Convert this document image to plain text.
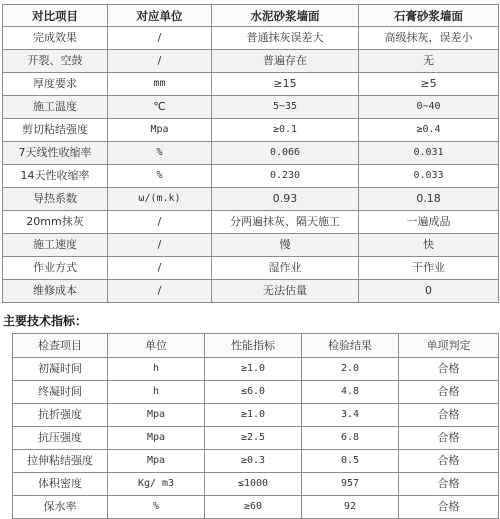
对比项目	对应单位	水泥砂浆墙面	石膏砂浆墙面
完成效果	/	普通抹灰误差大	高级抹灰，误差小
开裂、空鼓	/	普遍存在	无
厚度要求	mm	≥15	≥5
施工温度	℃	5~35	0~40
剪切粘结强度	Mpa	≥0.1	≥0.4
7天线性收缩率	%	0.066	0.031
14天性收缩率	%	0.230	0.033
导热系数	ω/(m.k)	0.93	0.18
20mm抹灰	/	分两遍抹灰、隔天施工	一遍成品
施工速度	/	慢	快
作业方式	/	湿作业	干作业
维修成本	/	无法估量	0
主要技术指标：
检查项目	单位	性能指标	检验结果	单项判定
初凝时间	h	≥1.0	2.0	合格
终凝时间	h	≤6.0	4.8	合格
抗折强度	Mpa	≥1.0	3.4	合格
抗压强度	Mpa	≥2.5	6.8	合格
拉伸粘结强度	Mpa	≥0.3	0.5	合格
体积密度	Kg/ m3	≤1000	957	合格
保水率	%	≥60	92	合格
